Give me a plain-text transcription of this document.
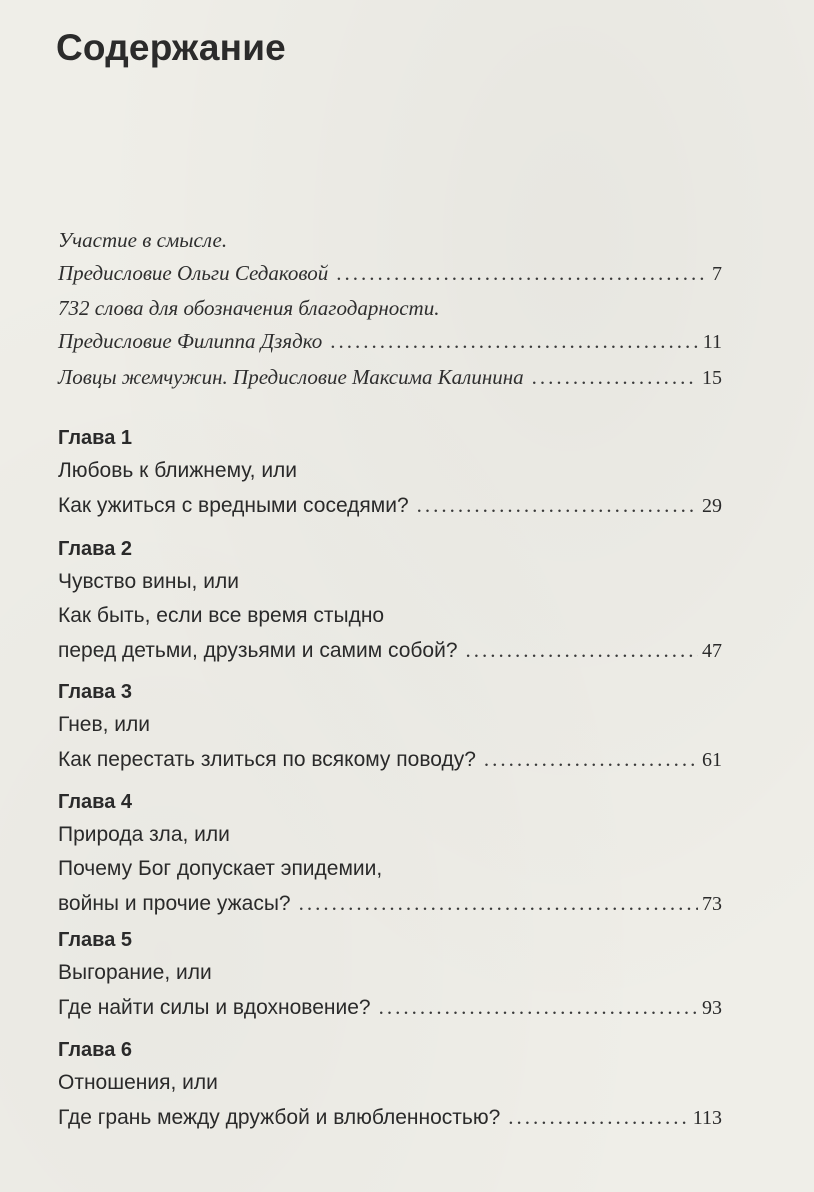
Содержание
Участие в смысле.
Предисловие Ольги Седаковой .....	7
732 слова для обозначения благодарности.
Предисловие Филиппа Дзядко .....	11
Ловцы жемчужин. Предисловие Максима Калинина .....	15
Глава 1
Любовь к ближнему, или
Как ужиться с вредными соседями? .....	29
Глава 2
Чувство вины, или
Как быть, если все время стыдно
перед детьми, друзьями и самим собой? .....	47
Глава 3
Гнев, или
Как перестать злиться по всякому поводу? .....	61
Глава 4
Природа зла, или
Почему Бог допускает эпидемии,
войны и прочие ужасы? .....	73
Глава 5
Выгорание, или
Где найти силы и вдохновение? .....	93
Глава 6
Отношения, или
Где грань между дружбой и влюбленностью? .....	113
